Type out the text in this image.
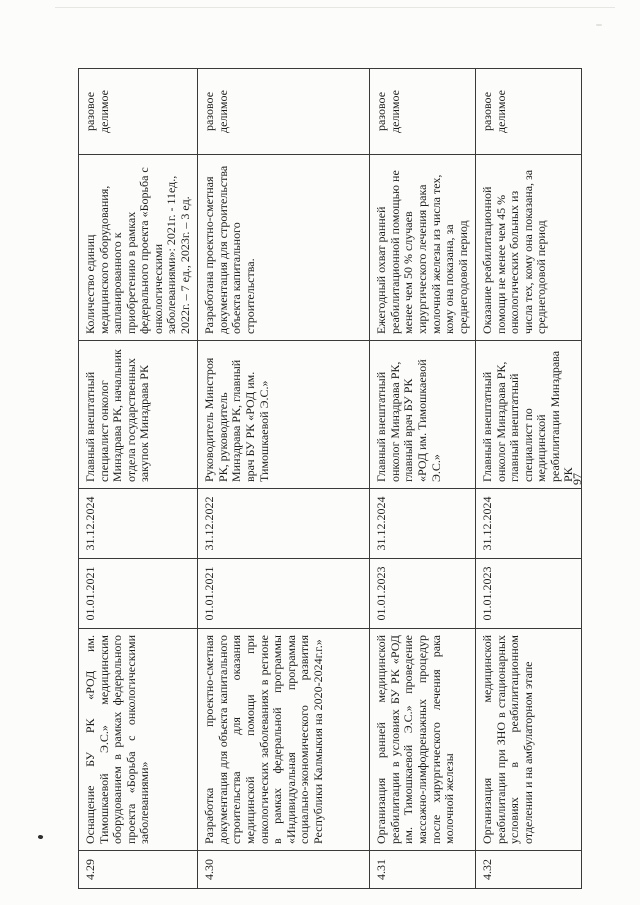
4.29	Оснащение БУ РК «РОД им. Тимошкаевой Э.С.» медицинским оборудованием в рамках федерального проекта «Борьба с онкологическими заболеваниями»	01.01.2021	31.12.2024	Главный внештатный специалист онколог Минздрава РК, начальник отдела государственных закупок Минздрава РК	Количество единиц медицинского оборудования, запланированного к приобретению в рамках федерального проекта «Борьба с онкологическими заболеваниями»: 2021г. - 11ед., 2022г. – 7 ед., 2023г. – 3 ед.	разовое делимое
4.30	Разработка проектно-сметная документация для объекта капитального строительства для оказания медицинской помощи при онкологических заболеваниях в регионе в рамках федеральной программы «Индивидуальная программа социально-экономического развития Республики Калмыкия на 2020-2024г.г.»	01.01.2021	31.12.2022	Руководитель Минстроя РК, руководитель Минздрава РК, главный врач БУ РК «РОД им. Тимошкаевой Э.С.»	Разработана проектно-сметная документация для строительства объекта капитального строительства.	разовое делимое
4.31	Организация ранней медицинской реабилитации в условиях БУ РК «РОД им. Тимошкаевой Э.С.» проведение массажно-лимфодренажных процедур после хирургического лечения рака молочной железы	01.01.2023	31.12.2024	Главный внештатный онколог Минздрава РК, главный врач БУ РК «РОД им. Тимошкаевой Э.С.»	Ежегодный охват ранней реабилитационной помощью не менее чем 50 % случаев хирургического лечения рака молочной железы из числа тех, кому она показана, за среднегодовой период	разовое делимое
4.32	Организация медицинской реабилитации при ЗНО в стационарных условиях в реабилитационном отделении и на амбулаторном этапе	01.01.2023	31.12.2024	Главный внештатный онколог Минздрава РК, главный внештатный специалист по медицинской реабилитации Минздрава РК	Оказание реабилитационной помощи не менее чем 45 % онкологических больных из числа тех, кому она показана, за среднегодовой период	разовое делимое
97
